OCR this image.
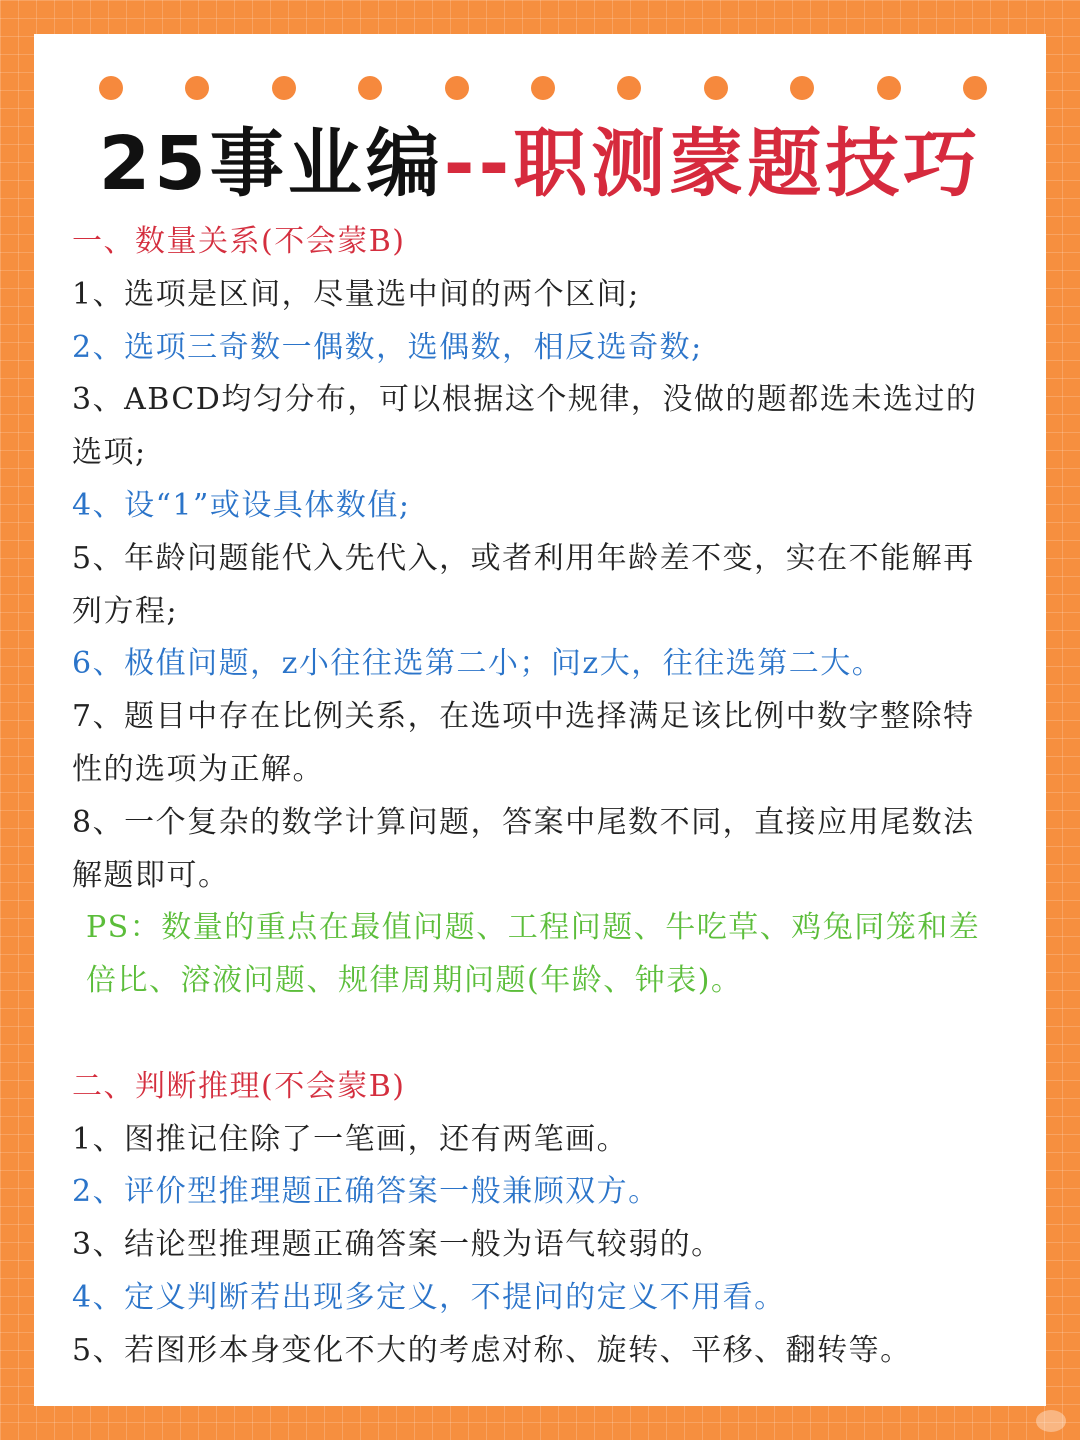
25事业编--职测蒙题技巧

一、数量关系(不会蒙B)

1、选项是区间，尽量选中间的两个区间;

2、选项三奇数一偶数，选偶数，相反选奇数;

3、ABCD均匀分布，可以根据这个规律，没做的题都选未选过的选项;

4、设“1”或设具体数值;

5、年龄问题能代入先代入，或者利用年龄差不变，实在不能解再列方程;

6、极值问题，z小往往选第二小；问z大，往往选第二大。

7、题目中存在比例关系，在选项中选择满足该比例中数字整除特性的选项为正解。

8、一个复杂的数学计算问题，答案中尾数不同，直接应用尾数法解题即可。

PS：数量的重点在最值问题、工程问题、牛吃草、鸡兔同笼和差倍比、溶液问题、规律周期问题(年龄、钟表)。

二、判断推理(不会蒙B)

1、图推记住除了一笔画，还有两笔画。

2、评价型推理题正确答案一般兼顾双方。

3、结论型推理题正确答案一般为语气较弱的。

4、定义判断若出现多定义，不提问的定义不用看。

5、若图形本身变化不大的考虑对称、旋转、平移、翻转等。
